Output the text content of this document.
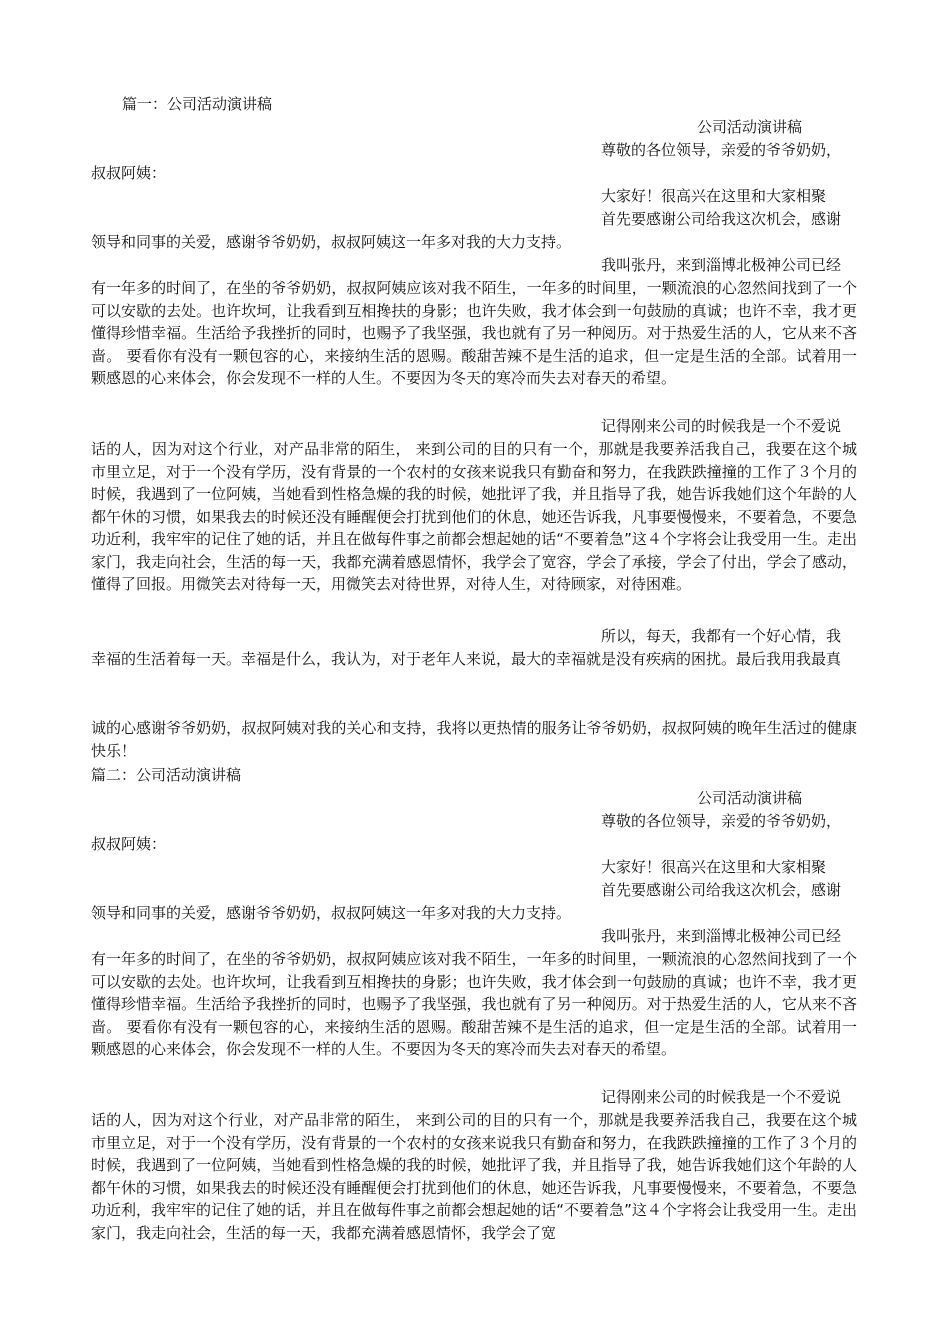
篇一：公司活动演讲稿
公司活动演讲稿
尊敬的各位领导，亲爱的爷爷奶奶，
叔叔阿姨：
大家好！很高兴在这里和大家相聚
首先要感谢公司给我这次机会，感谢
领导和同事的关爱，感谢爷爷奶奶，叔叔阿姨这一年多对我的大力支持。
我叫张丹，来到淄博北极神公司已经

有一年多的时间了，在坐的爷爷奶奶，叔叔阿姨应该对我不陌生，一年多的时间里，一颗流浪的心忽然间找到了一个可以安歇的去处。也许坎坷，让我看到互相搀扶的身影；也许失败，我才体会到一句鼓励的真诚；也许不幸，我才更懂得珍惜幸福。生活给予我挫折的同时，也赐予了我坚强，我也就有了另一种阅历。对于热爱生活的人，它从来不吝啬。 要看你有没有一颗包容的心，来接纳生活的恩赐。酸甜苦辣不是生活的追求，但一定是生活的全部。试着用一颗感恩的心来体会，你会发现不一样的人生。不要因为冬天的寒冷而失去对春天的希望。

记得刚来公司的时候我是一个不爱说

话的人，因为对这个行业，对产品非常的陌生， 来到公司的目的只有一个，那就是我要养活我自己，我要在这个城市里立足，对于一个没有学历，没有背景的一个农村的女孩来说我只有勤奋和努力，在我跌跌撞撞的工作了３个月的时候，我遇到了一位阿姨，当她看到性格急燥的我的时候，她批评了我，并且指导了我，她告诉我她们这个年龄的人都午休的习惯，如果我去的时候还没有睡醒便会打扰到他们的休息，她还告诉我，凡事要慢慢来，不要着急，不要急功近利，我牢牢的记住了她的话，并且在做每件事之前都会想起她的话“不要着急”这４个字将会让我受用一生。走出家门，我走向社会，生活的每一天，我都充满着感恩情怀，我学会了宽容，学会了承接，学会了付出，学会了感动，懂得了回报。用微笑去对待每一天，用微笑去对待世界，对待人生，对待顾家，对待困难。

所以，每天，我都有一个好心情，我

幸福的生活着每一天。幸福是什么，我认为，对于老年人来说，最大的幸福就是没有疾病的困扰。最后我用我最真

诚的心感谢爷爷奶奶，叔叔阿姨对我的关心和支持，我将以更热情的服务让爷爷奶奶，叔叔阿姨的晚年生活过的健康快乐！

篇二：公司活动演讲稿
公司活动演讲稿
尊敬的各位领导，亲爱的爷爷奶奶，
叔叔阿姨：
大家好！很高兴在这里和大家相聚
首先要感谢公司给我这次机会，感谢
领导和同事的关爱，感谢爷爷奶奶，叔叔阿姨这一年多对我的大力支持。
我叫张丹，来到淄博北极神公司已经

有一年多的时间了，在坐的爷爷奶奶，叔叔阿姨应该对我不陌生，一年多的时间里，一颗流浪的心忽然间找到了一个可以安歇的去处。也许坎坷，让我看到互相搀扶的身影；也许失败，我才体会到一句鼓励的真诚；也许不幸，我才更懂得珍惜幸福。生活给予我挫折的同时，也赐予了我坚强，我也就有了另一种阅历。对于热爱生活的人，它从来不吝啬。 要看你有没有一颗包容的心，来接纳生活的恩赐。酸甜苦辣不是生活的追求，但一定是生活的全部。试着用一颗感恩的心来体会，你会发现不一样的人生。不要因为冬天的寒冷而失去对春天的希望。

记得刚来公司的时候我是一个不爱说

话的人，因为对这个行业，对产品非常的陌生， 来到公司的目的只有一个，那就是我要养活我自己，我要在这个城市里立足，对于一个没有学历，没有背景的一个农村的女孩来说我只有勤奋和努力，在我跌跌撞撞的工作了３个月的时候，我遇到了一位阿姨，当她看到性格急燥的我的时候，她批评了我，并且指导了我，她告诉我她们这个年龄的人都午休的习惯，如果我去的时候还没有睡醒便会打扰到他们的休息，她还告诉我，凡事要慢慢来，不要着急，不要急功近利，我牢牢的记住了她的话，并且在做每件事之前都会想起她的话“不要着急”这４个字将会让我受用一生。走出家门，我走向社会，生活的每一天，我都充满着感恩情怀，我学会了宽
